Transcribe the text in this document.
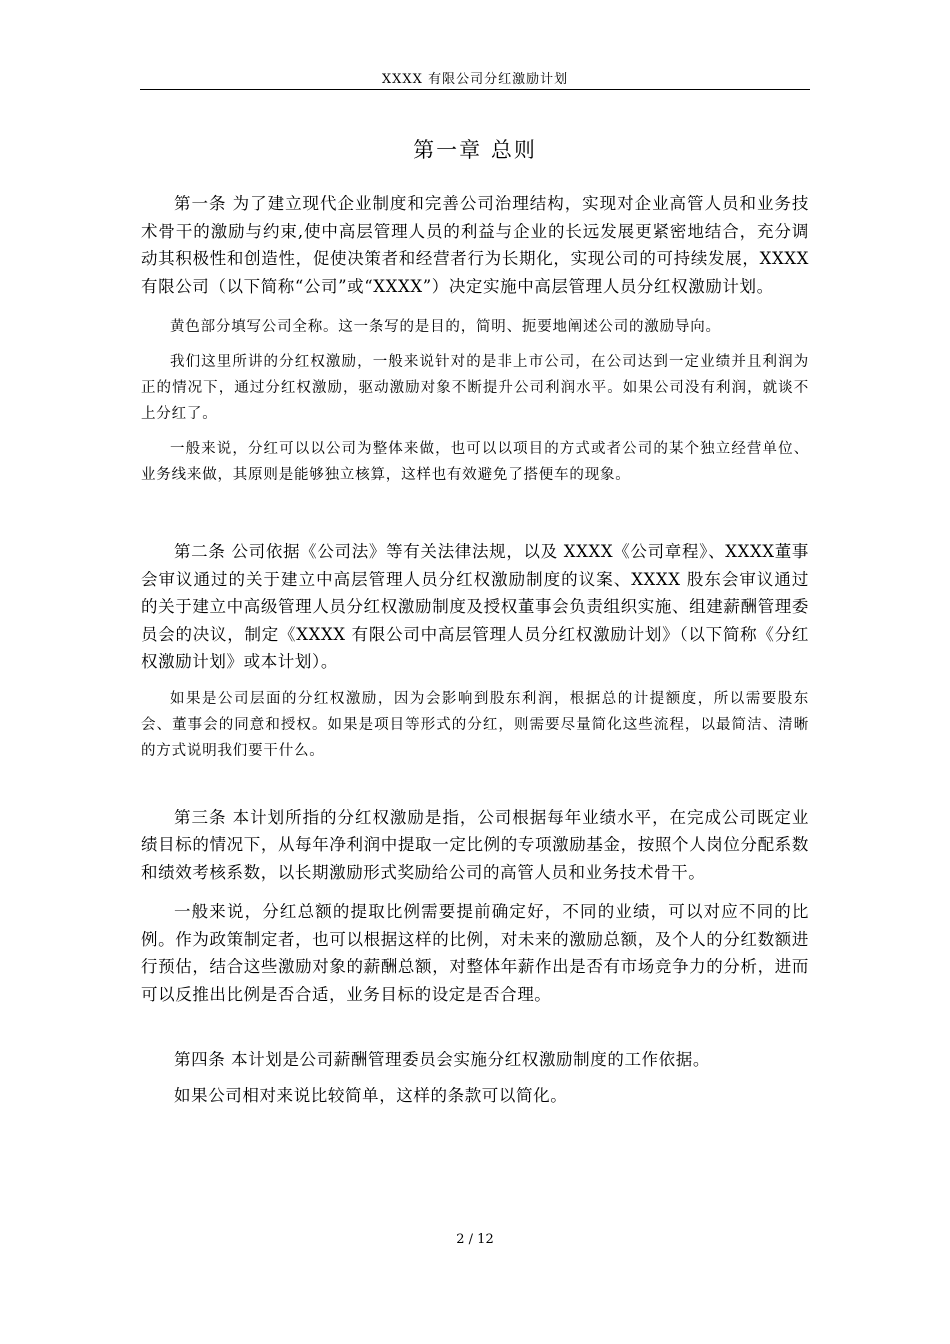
XXXX 有限公司分红激励计划
第一章 总则

第一条 为了建立现代企业制度和完善公司治理结构，实现对企业高管人员和业务技术骨干的激励与约束,使中高层管理人员的利益与企业的长远发展更紧密地结合，充分调动其积极性和创造性，促使决策者和经营者行为长期化，实现公司的可持续发展，XXXX 有限公司（以下简称“公司”或“XXXX”）决定实施中高层管理人员分红权激励计划。

黄色部分填写公司全称。这一条写的是目的，简明、扼要地阐述公司的激励导向。

我们这里所讲的分红权激励，一般来说针对的是非上市公司，在公司达到一定业绩并且利润为正的情况下，通过分红权激励，驱动激励对象不断提升公司利润水平。如果公司没有利润，就谈不上分红了。

一般来说，分红可以以公司为整体来做，也可以以项目的方式或者公司的某个独立经营单位、业务线来做，其原则是能够独立核算，这样也有效避免了搭便车的现象。

第二条 公司依据《公司法》等有关法律法规，以及 XXXX《公司章程》、XXXX董事会审议通过的关于建立中高层管理人员分红权激励制度的议案、XXXX 股东会审议通过的关于建立中高级管理人员分红权激励制度及授权董事会负责组织实施、组建薪酬管理委员会的决议，制定《XXXX 有限公司中高层管理人员分红权激励计划》（以下简称《分红权激励计划》或本计划）。

如果是公司层面的分红权激励，因为会影响到股东利润，根据总的计提额度，所以需要股东会、董事会的同意和授权。如果是项目等形式的分红，则需要尽量简化这些流程，以最简洁、清晰的方式说明我们要干什么。

第三条 本计划所指的分红权激励是指，公司根据每年业绩水平，在完成公司既定业绩目标的情况下，从每年净利润中提取一定比例的专项激励基金，按照个人岗位分配系数和绩效考核系数，以长期激励形式奖励给公司的高管人员和业务技术骨干。

一般来说，分红总额的提取比例需要提前确定好，不同的业绩，可以对应不同的比例。作为政策制定者，也可以根据这样的比例，对未来的激励总额，及个人的分红数额进行预估，结合这些激励对象的薪酬总额，对整体年薪作出是否有市场竞争力的分析，进而可以反推出比例是否合适，业务目标的设定是否合理。

第四条 本计划是公司薪酬管理委员会实施分红权激励制度的工作依据。

如果公司相对来说比较简单，这样的条款可以简化。

2 / 12
